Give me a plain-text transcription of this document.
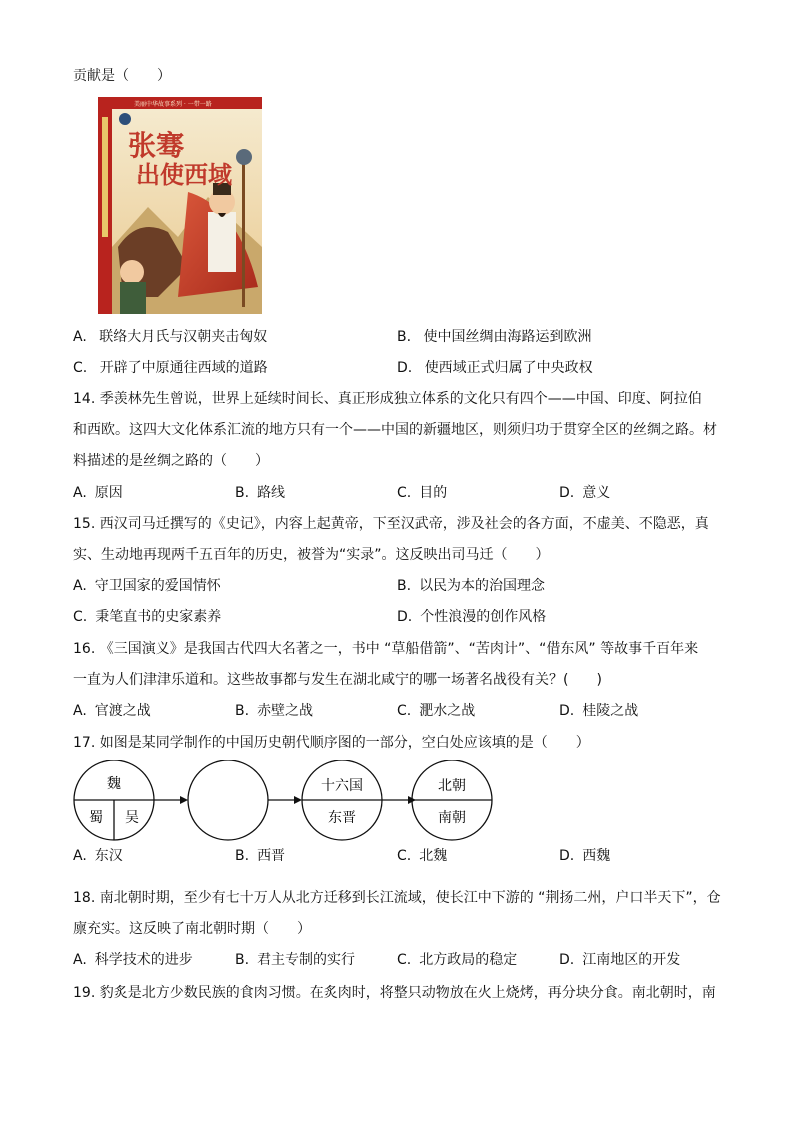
贡献是（　　）
张骞
出使西域
美丽中华故事系列 · 一带一路
A. 联络大月氏与汉朝夹击匈奴	B. 使中国丝绸由海路运到欧洲
C. 开辟了中原通往西域的道路	D. 使西域正式归属了中央政权
14. 季羡林先生曾说，世界上延续时间长、真正形成独立体系的文化只有四个——中国、印度、阿拉伯
和西欧。这四大文化体系汇流的地方只有一个——中国的新疆地区，则须归功于贯穿全区的丝绸之路。材
料描述的是丝绸之路的（　　）
A. 原因	B. 路线	C. 目的	D. 意义
15. 西汉司马迁撰写的《史记》，内容上起黄帝，下至汉武帝，涉及社会的各方面，不虚美、不隐恶，真
实、生动地再现两千五百年的历史，被誉为“实录”。这反映出司马迁（　　）
A. 守卫国家的爱国情怀	B. 以民为本的治国理念
C. 秉笔直书的史家素养	D. 个性浪漫的创作风格
16. 《三国演义》是我国古代四大名著之一，书中 “草船借箭”、“苦肉计”、“借东风” 等故事千百年来
一直为人们津津乐道和。这些故事都与发生在湖北咸宁的哪一场著名战役有关？(　　)
A. 官渡之战	B. 赤壁之战	C. 淝水之战	D. 桂陵之战
17. 如图是某同学制作的中国历史朝代顺序图的一部分，空白处应该填的是（　　）
魏
蜀 吴
十六国
东晋
北朝
南朝
A. 东汉	B. 西晋	C. 北魏	D. 西魏
18. 南北朝时期，至少有七十万人从北方迁移到长江流域，使长江中下游的 “荆扬二州，户口半天下”，仓
廪充实。这反映了南北朝时期（　　）
A. 科学技术的进步	B. 君主专制的实行	C. 北方政局的稳定	D. 江南地区的开发
19. 豹炙是北方少数民族的食肉习惯。在炙肉时，将整只动物放在火上烧烤，再分块分食。南北朝时，南
